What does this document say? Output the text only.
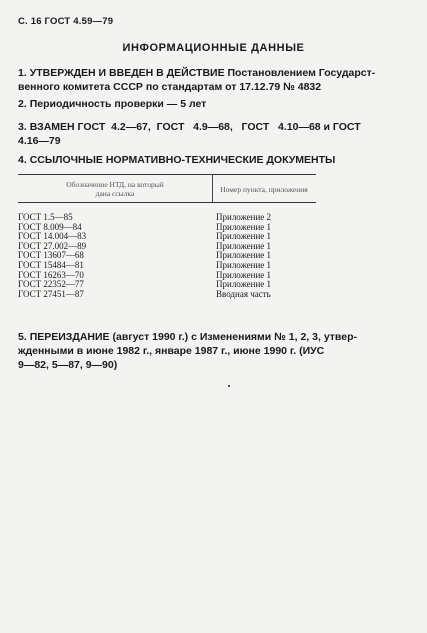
С. 16 ГОСТ 4.59—79
ИНФОРМАЦИОННЫЕ ДАННЫЕ
1. УТВЕРЖДЕН И ВВЕДЕН В ДЕЙСТВИЕ Постановлением Государст-
венного комитета СССР по стандартам от 17.12.79 № 4832
2. Периодичность проверки — 5 лет
3. ВЗАМЕН ГОСТ  4.2—67,  ГОСТ   4.9—68,   ГОСТ   4.10—68 и ГОСТ
4.16—79
4. ССЫЛОЧНЫЕ НОРМАТИВНО-ТЕХНИЧЕСКИЕ ДОКУМЕНТЫ
Обозначение НТД, на который
дана ссылка	Номер пункта, приложения
ГОСТ 1.5—85	Приложение 2
ГОСТ 8.009—84	Приложение 1
ГОСТ 14.004—83	Приложение 1
ГОСТ 27.002—89	Приложение 1
ГОСТ 13607—68	Приложение 1
ГОСТ 15484—81	Приложение 1
ГОСТ 16263—70	Приложение 1
ГОСТ 22352—77	Приложение 1
ГОСТ 27451—87	Вводная часть
5. ПЕРЕИЗДАНИЕ (август 1990 г.) с Изменениями № 1, 2, 3, утвер-
жденными в июне 1982 г., январе 1987 г., июне 1990 г. (ИУС
9—82, 5—87, 9—90)
